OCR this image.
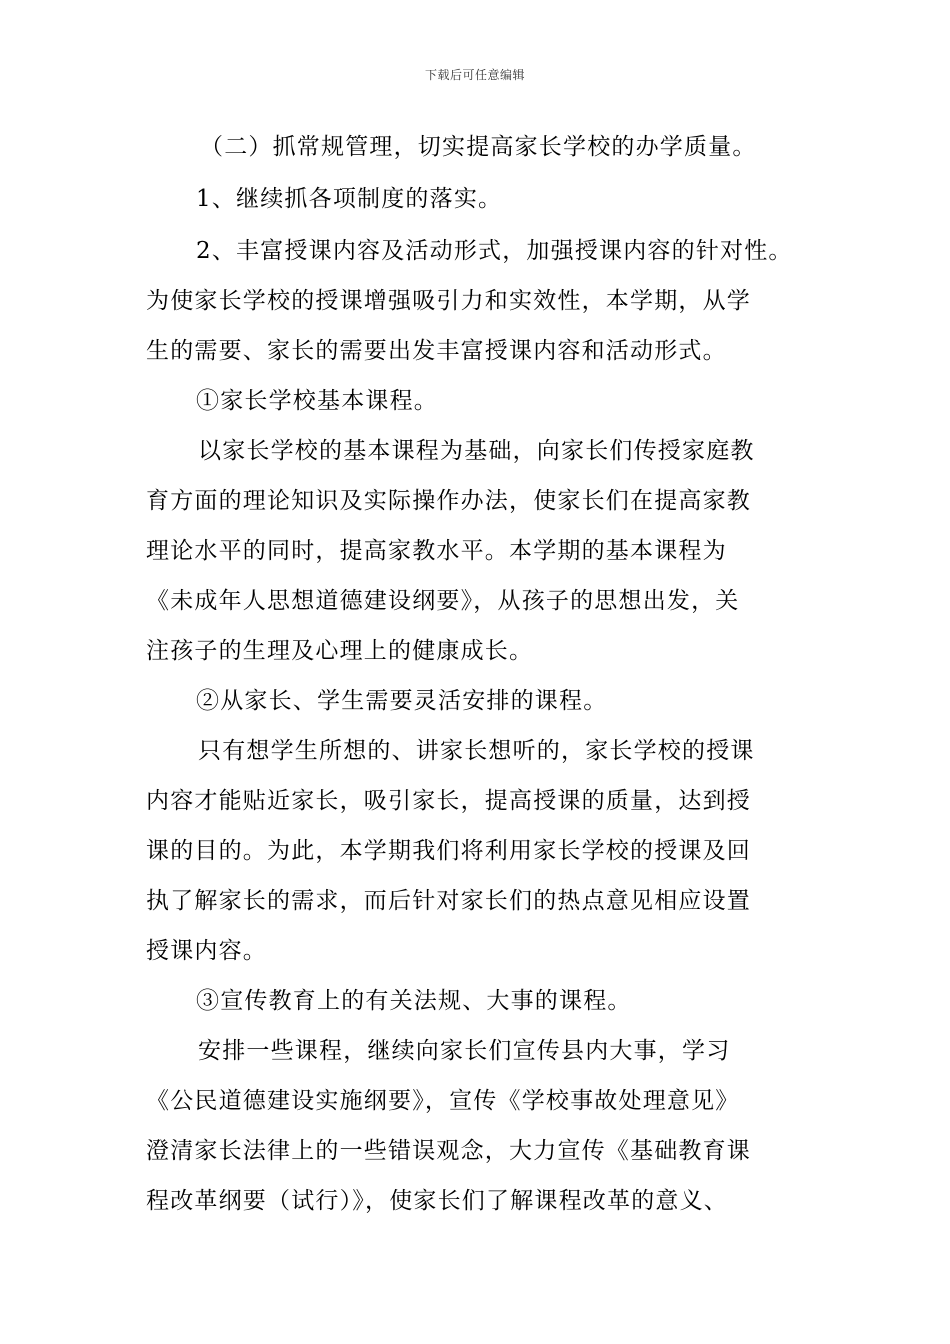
下载后可任意编辑
（二）抓常规管理，切实提高家长学校的办学质量。
1、继续抓各项制度的落实。
2、丰富授课内容及活动形式，加强授课内容的针对性。
为使家长学校的授课增强吸引力和实效性，本学期，从学
生的需要、家长的需要出发丰富授课内容和活动形式。
①家长学校基本课程。
以家长学校的基本课程为基础，向家长们传授家庭教
育方面的理论知识及实际操作办法，使家长们在提高家教
理论水平的同时，提高家教水平。本学期的基本课程为
《未成年人思想道德建设纲要》，从孩子的思想出发，关
注孩子的生理及心理上的健康成长。
②从家长、学生需要灵活安排的课程。
只有想学生所想的、讲家长想听的，家长学校的授课
内容才能贴近家长，吸引家长，提高授课的质量，达到授
课的目的。为此，本学期我们将利用家长学校的授课及回
执了解家长的需求，而后针对家长们的热点意见相应设置
授课内容。
③宣传教育上的有关法规、大事的课程。
安排一些课程，继续向家长们宣传县内大事，学习
《公民道德建设实施纲要》，宣传《学校事故处理意见》
澄清家长法律上的一些错误观念，大力宣传《基础教育课
程改革纲要（试行）》，使家长们了解课程改革的意义、
